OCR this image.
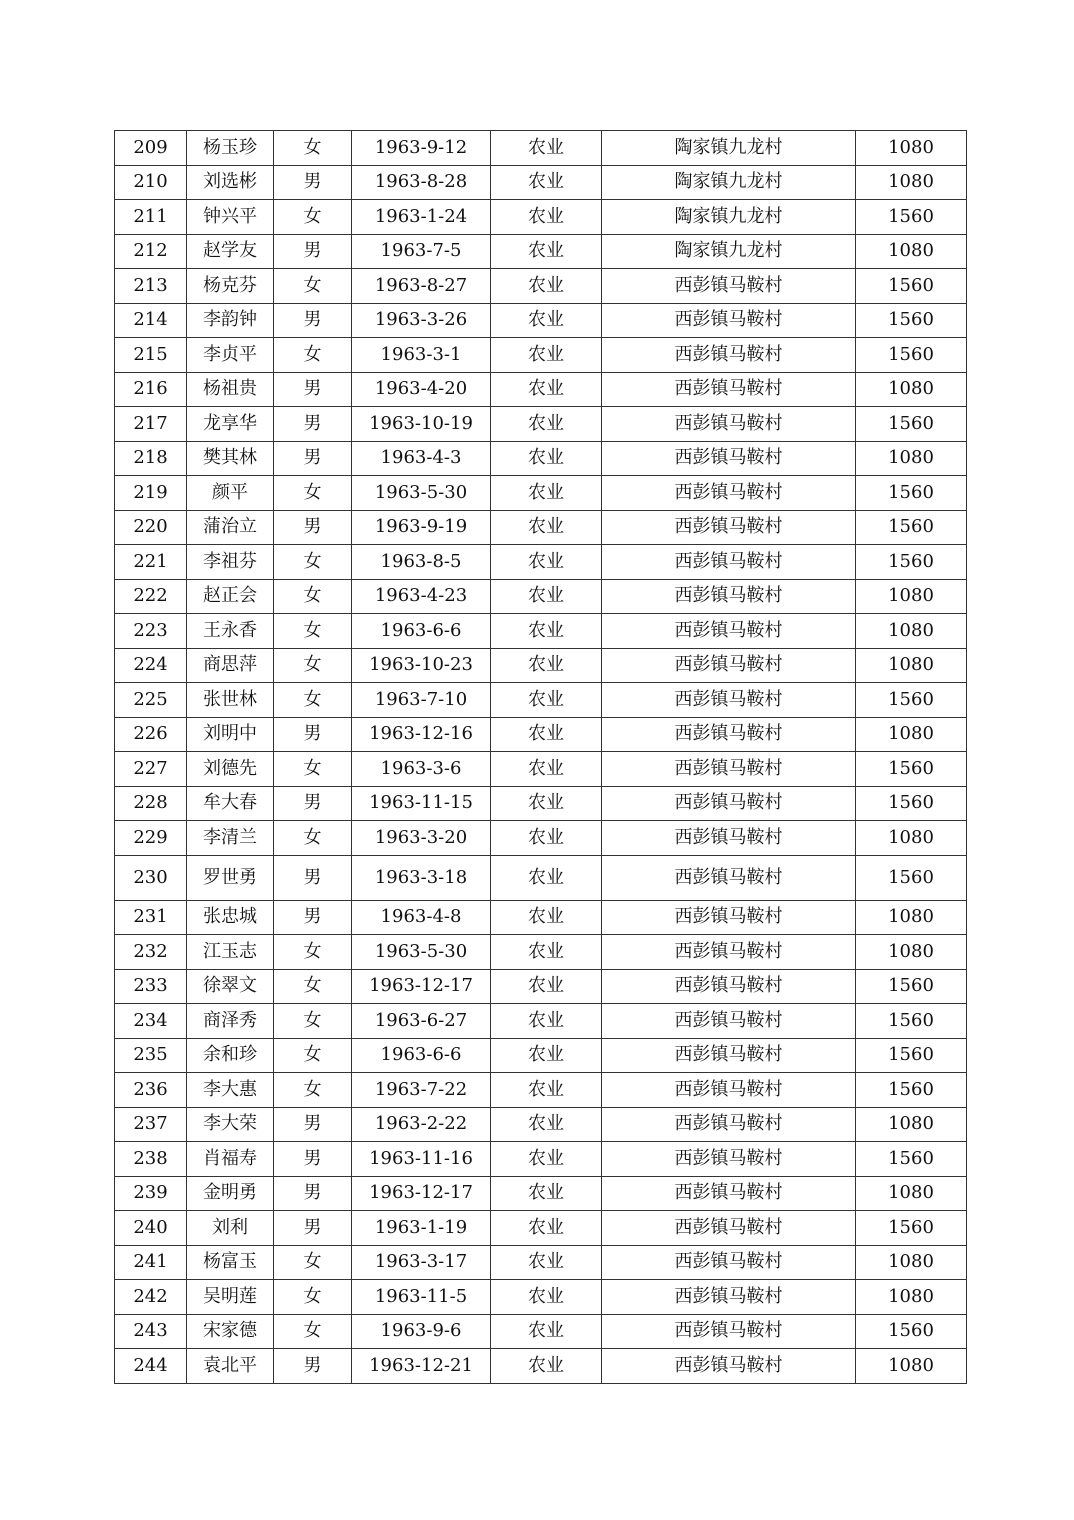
209	杨玉珍	女	1963-9-12	农业	陶家镇九龙村	1080
210	刘选彬	男	1963-8-28	农业	陶家镇九龙村	1080
211	钟兴平	女	1963-1-24	农业	陶家镇九龙村	1560
212	赵学友	男	1963-7-5	农业	陶家镇九龙村	1080
213	杨克芬	女	1963-8-27	农业	西彭镇马鞍村	1560
214	李韵钟	男	1963-3-26	农业	西彭镇马鞍村	1560
215	李贞平	女	1963-3-1	农业	西彭镇马鞍村	1560
216	杨祖贵	男	1963-4-20	农业	西彭镇马鞍村	1080
217	龙享华	男	1963-10-19	农业	西彭镇马鞍村	1560
218	樊其林	男	1963-4-3	农业	西彭镇马鞍村	1080
219	颜平	女	1963-5-30	农业	西彭镇马鞍村	1560
220	蒲治立	男	1963-9-19	农业	西彭镇马鞍村	1560
221	李祖芬	女	1963-8-5	农业	西彭镇马鞍村	1560
222	赵正会	女	1963-4-23	农业	西彭镇马鞍村	1080
223	王永香	女	1963-6-6	农业	西彭镇马鞍村	1080
224	商思萍	女	1963-10-23	农业	西彭镇马鞍村	1080
225	张世林	女	1963-7-10	农业	西彭镇马鞍村	1560
226	刘明中	男	1963-12-16	农业	西彭镇马鞍村	1080
227	刘德先	女	1963-3-6	农业	西彭镇马鞍村	1560
228	牟大春	男	1963-11-15	农业	西彭镇马鞍村	1560
229	李清兰	女	1963-3-20	农业	西彭镇马鞍村	1080
230	罗世勇	男	1963-3-18	农业	西彭镇马鞍村	1560
231	张忠城	男	1963-4-8	农业	西彭镇马鞍村	1080
232	江玉志	女	1963-5-30	农业	西彭镇马鞍村	1080
233	徐翠文	女	1963-12-17	农业	西彭镇马鞍村	1560
234	商泽秀	女	1963-6-27	农业	西彭镇马鞍村	1560
235	余和珍	女	1963-6-6	农业	西彭镇马鞍村	1560
236	李大惠	女	1963-7-22	农业	西彭镇马鞍村	1560
237	李大荣	男	1963-2-22	农业	西彭镇马鞍村	1080
238	肖福寿	男	1963-11-16	农业	西彭镇马鞍村	1560
239	金明勇	男	1963-12-17	农业	西彭镇马鞍村	1080
240	刘利	男	1963-1-19	农业	西彭镇马鞍村	1560
241	杨富玉	女	1963-3-17	农业	西彭镇马鞍村	1080
242	吴明莲	女	1963-11-5	农业	西彭镇马鞍村	1080
243	宋家德	女	1963-9-6	农业	西彭镇马鞍村	1560
244	袁北平	男	1963-12-21	农业	西彭镇马鞍村	1080
